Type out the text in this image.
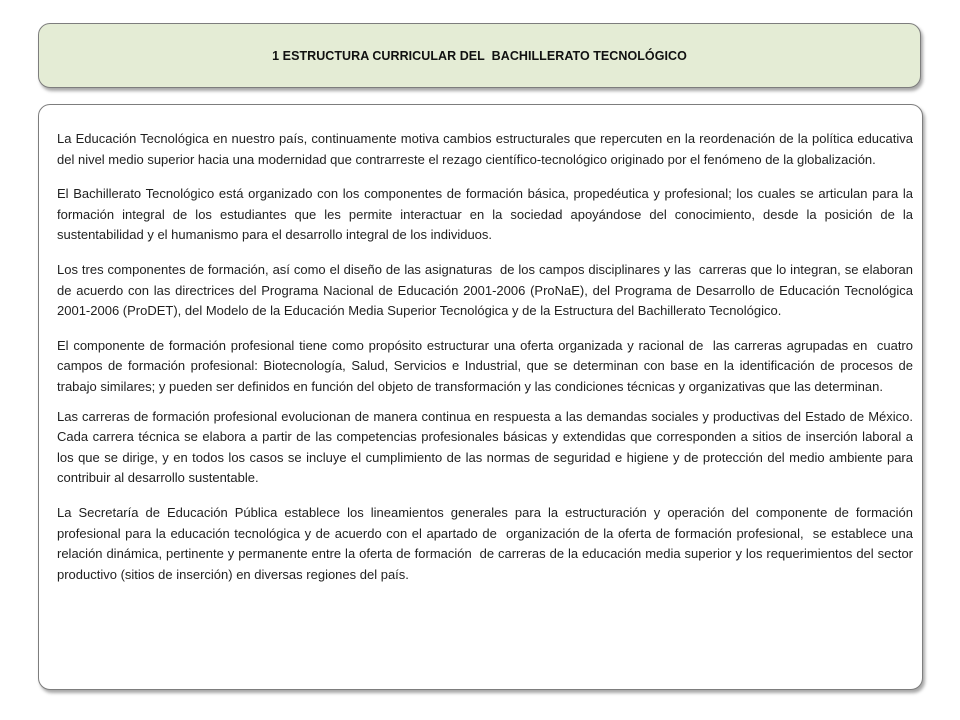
1 ESTRUCTURA CURRICULAR DEL  BACHILLERATO TECNOLÓGICO

La Educación Tecnológica en nuestro país, continuamente motiva cambios estructurales que repercuten en la reordenación de la política educativa del nivel medio superior hacia una modernidad que contrarreste el rezago científico-tecnológico originado por el fenómeno de la globalización.

El Bachillerato Tecnológico está organizado con los componentes de formación básica, propedéutica y profesional; los cuales se articulan para la formación integral de los estudiantes que les permite interactuar en la sociedad apoyándose del conocimiento, desde la posición de la sustentabilidad y el humanismo para el desarrollo integral de los individuos.

Los tres componentes de formación, así como el diseño de las asignaturas  de los campos disciplinares y las  carreras que lo integran, se elaboran de acuerdo con las directrices del Programa Nacional de Educación 2001-2006 (ProNaE), del Programa de Desarrollo de Educación Tecnológica 2001-2006 (ProDET), del Modelo de la Educación Media Superior Tecnológica y de la Estructura del Bachillerato Tecnológico.

El componente de formación profesional tiene como propósito estructurar una oferta organizada y racional de  las carreras agrupadas en  cuatro campos de formación profesional: Biotecnología, Salud, Servicios e Industrial, que se determinan con base en la identificación de procesos de trabajo similares; y pueden ser definidos en función del objeto de transformación y las condiciones técnicas y organizativas que las determinan.

Las carreras de formación profesional evolucionan de manera continua en respuesta a las demandas sociales y productivas del Estado de México. Cada carrera técnica se elabora a partir de las competencias profesionales básicas y extendidas que corresponden a sitios de inserción laboral a los que se dirige, y en todos los casos se incluye el cumplimiento de las normas de seguridad e higiene y de protección del medio ambiente para contribuir al desarrollo sustentable.

La Secretaría de Educación Pública establece los lineamientos generales para la estructuración y operación del componente de formación profesional para la educación tecnológica y de acuerdo con el apartado de  organización de la oferta de formación profesional,  se establece una relación dinámica, pertinente y permanente entre la oferta de formación  de carreras de la educación media superior y los requerimientos del sector productivo (sitios de inserción) en diversas regiones del país.
